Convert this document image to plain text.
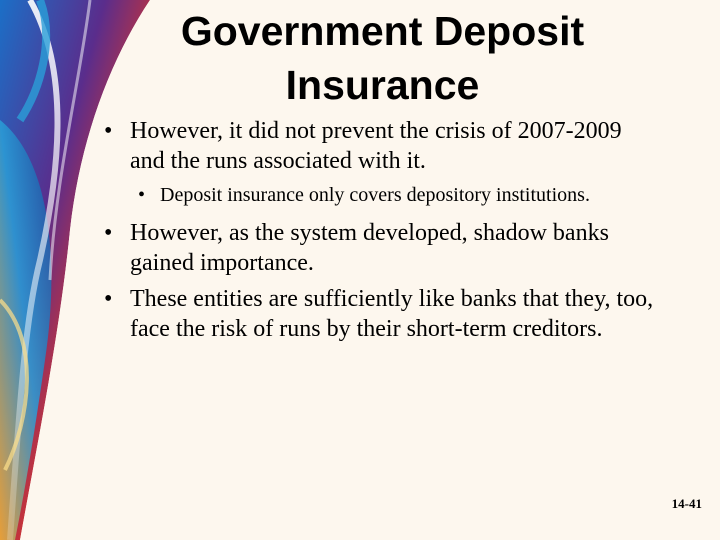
Government Deposit
Insurance
• However, it did not prevent the crisis of 2007-2009 and the runs associated with it.
• Deposit insurance only covers depository institutions.
• However, as the system developed, shadow banks gained importance.
• These entities are sufficiently like banks that they, too, face the risk of runs by their short-term creditors.
14-41
